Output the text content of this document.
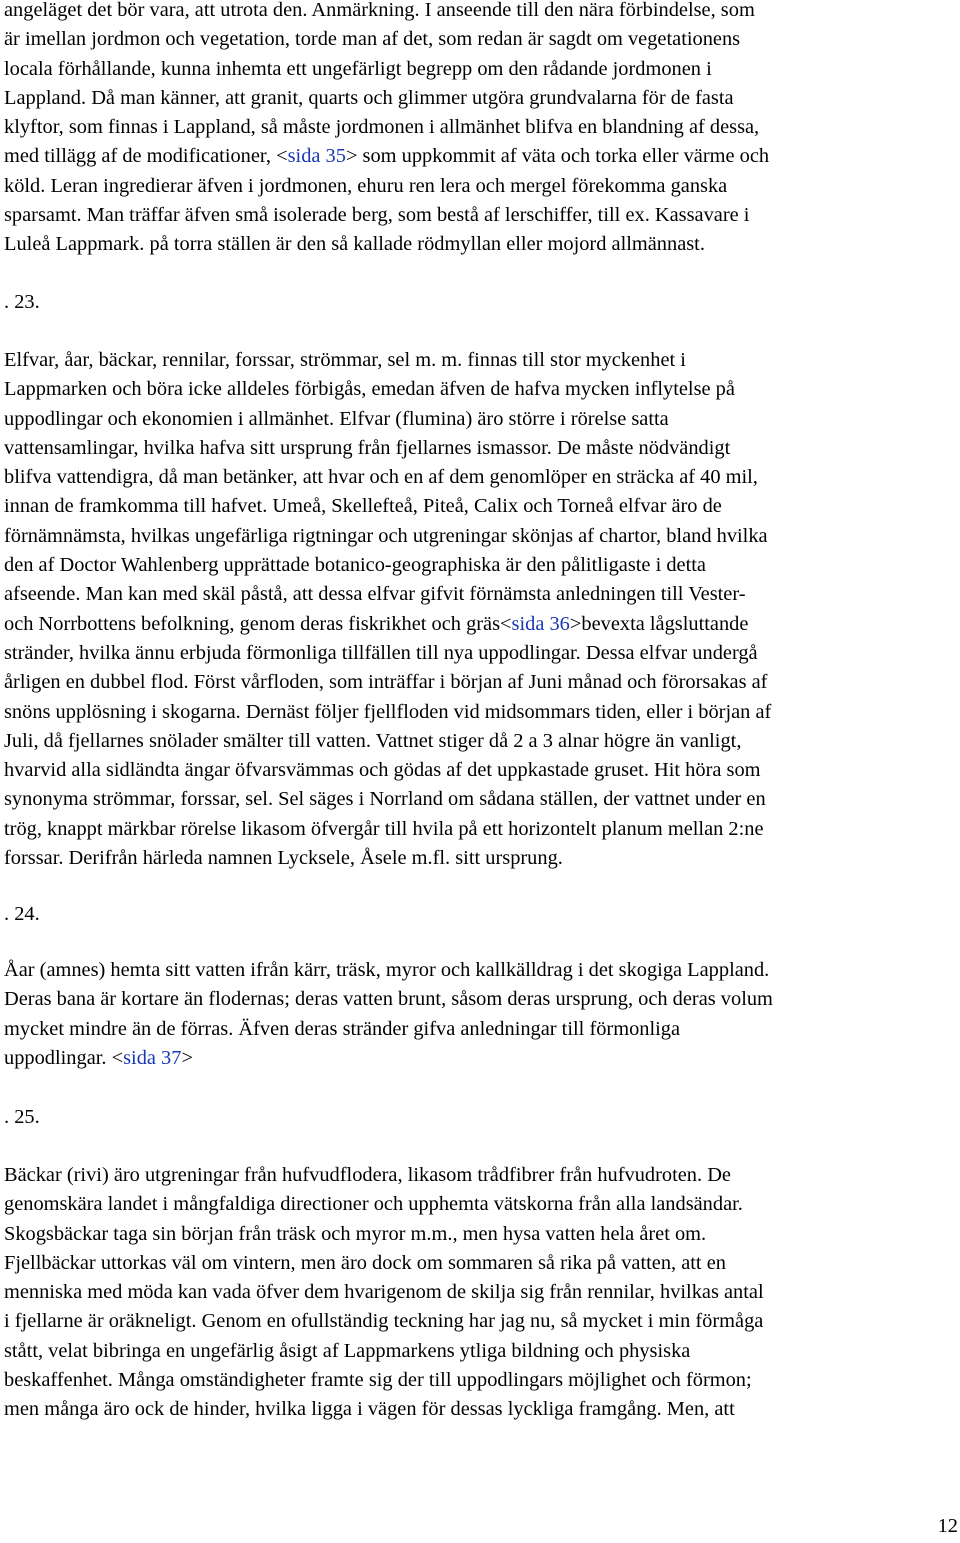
angeläget det bör vara, att utrota den. Anmärkning. I anseende till den nära förbindelse, som
är imellan jordmon och vegetation, torde man af det, som redan är sagdt om vegetationens
locala förhållande, kunna inhemta ett ungefärligt begrepp om den rådande jordmonen i
Lappland. Då man känner, att granit, quarts och glimmer utgöra grundvalarna för de fasta
klyftor, som finnas i Lappland, så måste jordmonen i allmänhet blifva en blandning af dessa,
med tillägg af de modificationer, <sida 35> som uppkommit af väta och torka eller värme och
köld. Leran ingredierar äfven i jordmonen, ehuru ren lera och mergel förekomma ganska
sparsamt. Man träffar äfven små isolerade berg, som bestå af lerschiffer, till ex. Kassavare i
Luleå Lappmark. på torra ställen är den så kallade rödmyllan eller mojord allmännast.
. 23.
Elfvar, åar, bäckar, rennilar, forssar, strömmar, sel m. m. finnas till stor myckenhet i
Lappmarken och böra icke alldeles förbigås, emedan äfven de hafva mycken inflytelse på
uppodlingar och ekonomien i allmänhet. Elfvar (flumina) äro större i rörelse satta
vattensamlingar, hvilka hafva sitt ursprung från fjellarnes ismassor. De måste nödvändigt
blifva vattendigra, då man betänker, att hvar och en af dem genomlöper en sträcka af 40 mil,
innan de framkomma till hafvet. Umeå, Skellefteå, Piteå, Calix och Torneå elfvar äro de
förnämnämsta, hvilkas ungefärliga rigtningar och utgreningar skönjas af chartor, bland hvilka
den af Doctor Wahlenberg upprättade botanico-geographiska är den pålitligaste i detta
afseende. Man kan med skäl påstå, att dessa elfvar gifvit förnämsta anledningen till Vester-
och Norrbottens befolkning, genom deras fiskrikhet och gräs<sida 36>bevexta lågsluttande
stränder, hvilka ännu erbjuda förmonliga tillfällen till nya uppodlingar. Dessa elfvar undergå
årligen en dubbel flod. Först vårfloden, som inträffar i början af Juni månad och förorsakas af
snöns upplösning i skogarna. Dernäst följer fjellfloden vid midsommars tiden, eller i början af
Juli, då fjellarnes snölader smälter till vatten. Vattnet stiger då 2 a 3 alnar högre än vanligt,
hvarvid alla sidländta ängar öfvarsvämmas och gödas af det uppkastade gruset. Hit höra som
synonyma strömmar, forssar, sel. Sel säges i Norrland om sådana ställen, der vattnet under en
trög, knappt märkbar rörelse likasom öfvergår till hvila på ett horizontelt planum mellan 2:ne
forssar. Derifrån härleda namnen Lycksele, Åsele m.fl. sitt ursprung.
. 24.
Åar (amnes) hemta sitt vatten ifrån kärr, träsk, myror och kallkälldrag i det skogiga Lappland.
Deras bana är kortare än flodernas; deras vatten brunt, såsom deras ursprung, och deras volum
mycket mindre än de förras. Äfven deras stränder gifva anledningar till förmonliga
uppodlingar. <sida 37>
. 25.
Bäckar (rivi) äro utgreningar från hufvudflodera, likasom trådfibrer från hufvudroten. De
genomskära landet i mångfaldiga directioner och upphemta vätskorna från alla landsändar.
Skogsbäckar taga sin början från träsk och myror m.m., men hysa vatten hela året om.
Fjellbäckar uttorkas väl om vintern, men äro dock om sommaren så rika på vatten, att en
menniska med möda kan vada öfver dem hvarigenom de skilja sig från rennilar, hvilkas antal
i fjellarne är oräkneligt. Genom en ofullständig teckning har jag nu, så mycket i min förmåga
stått, velat bibringa en ungefärlig åsigt af Lappmarkens ytliga bildning och physiska
beskaffenhet. Många omständigheter framte sig der till uppodlingars möjlighet och förmon;
men många äro ock de hinder, hvilka ligga i vägen för dessas lyckliga framgång. Men, att
12
